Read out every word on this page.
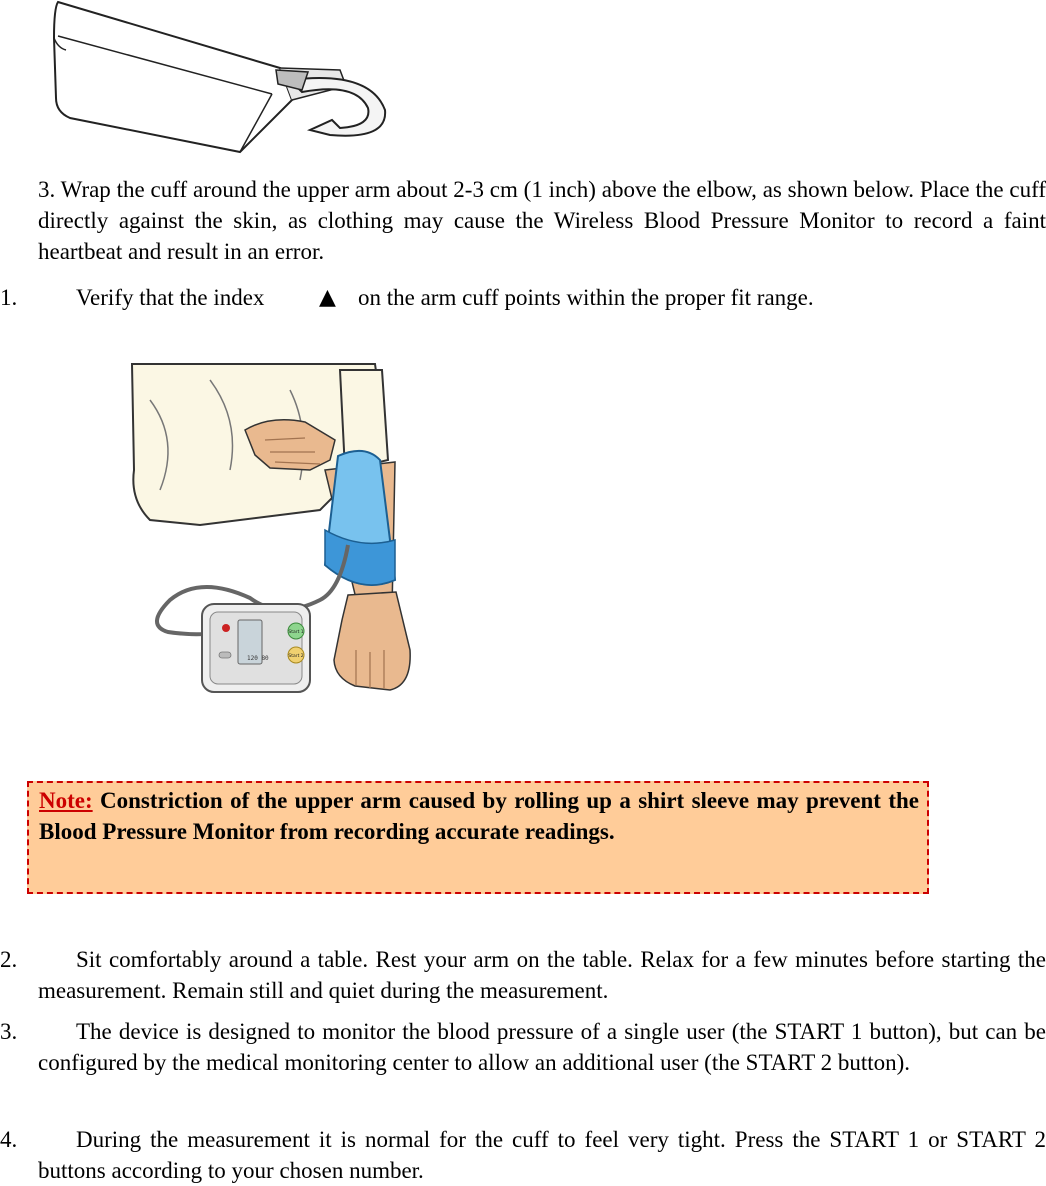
3. Wrap the cuff around the upper arm about 2-3 cm (1 inch) above the elbow, as shown below. Place the cuff directly against the skin, as clothing may cause the Wireless Blood Pressure Monitor to record a faint heartbeat and result in an error.
1.	Verify that the index ▲ on the arm cuff points within the proper fit range.
120 80
Start 1
Start 2
Note: Constriction of the upper arm caused by rolling up a shirt sleeve may prevent the Blood Pressure Monitor from recording accurate readings.
2.	Sit comfortably around a table. Rest your arm on the table. Relax for a few minutes before starting the measurement. Remain still and quiet during the measurement.
3.	The device is designed to monitor the blood pressure of a single user (the START 1 button), but can be configured by the medical monitoring center to allow an additional user (the START 2 button).
4.	During the measurement it is normal for the cuff to feel very tight. Press the START 1 or START 2 buttons according to your chosen number.
